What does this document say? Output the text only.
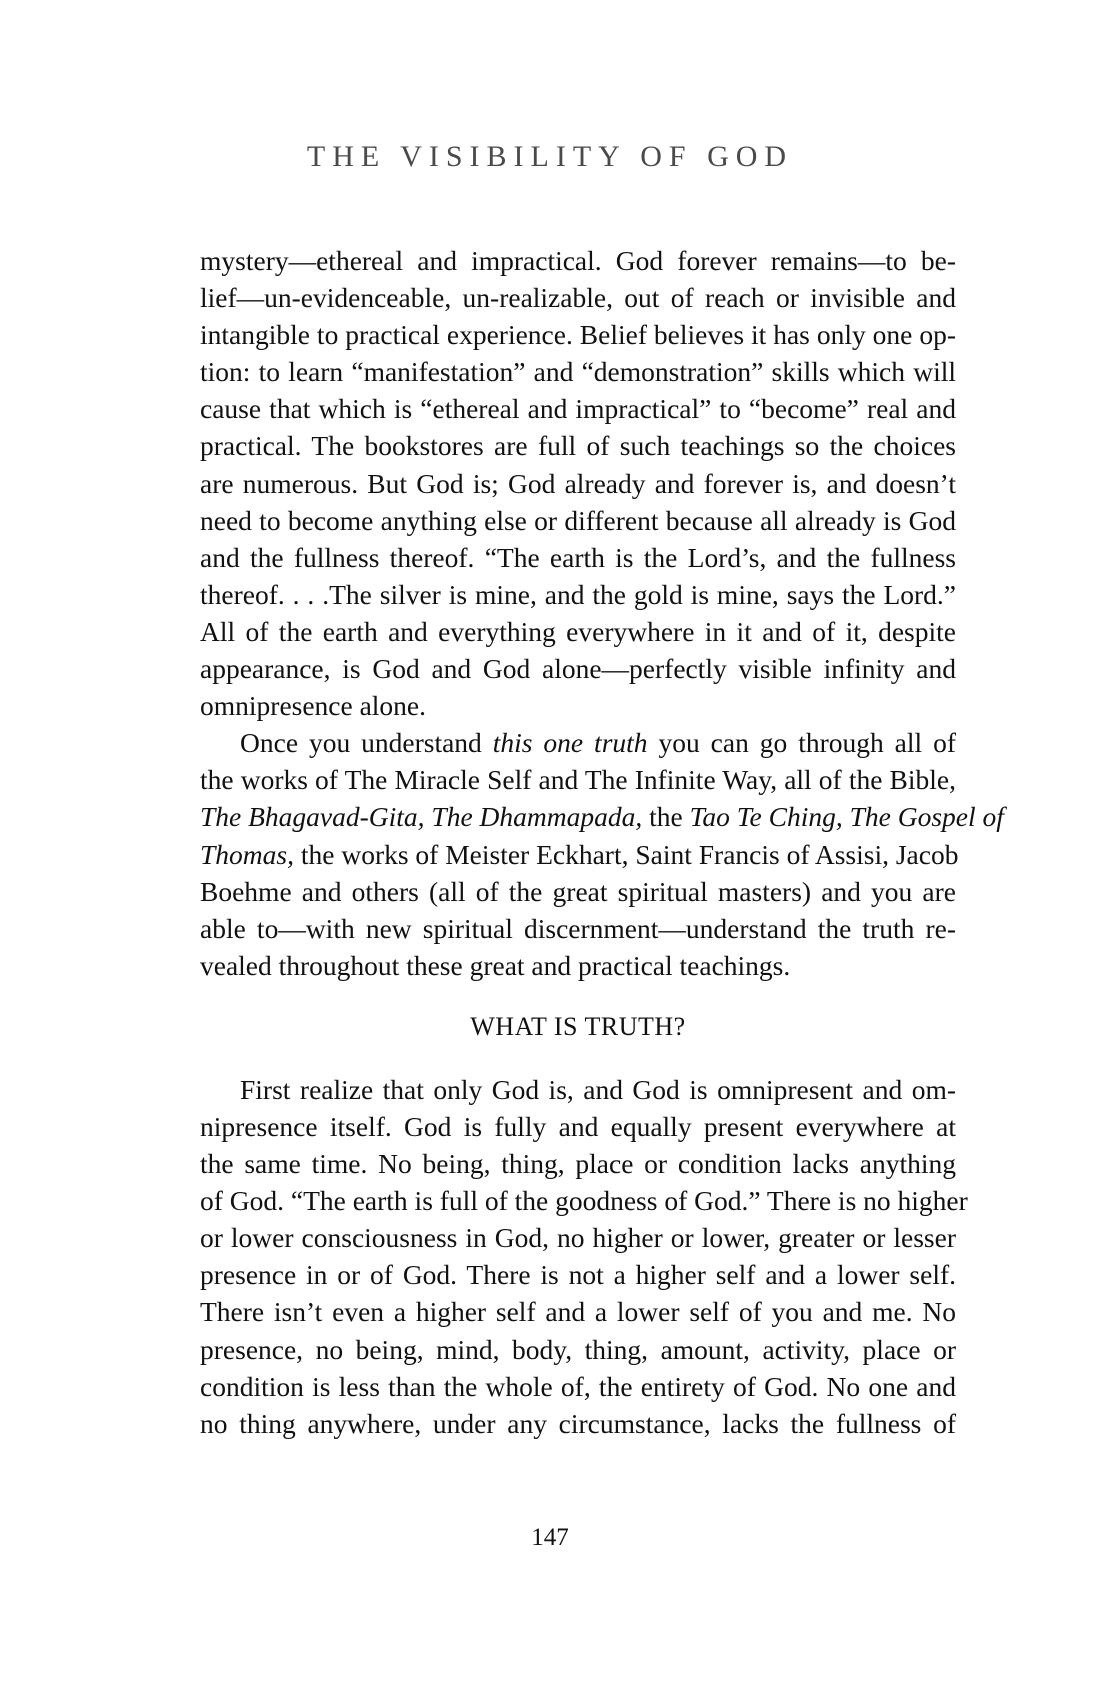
THE VISIBILITY OF GOD
mystery—ethereal and impractical. God forever remains—to be-
lief—un-evidenceable, un-realizable, out of reach or invisible and
intangible to practical experience. Belief believes it has only one op-
tion: to learn “manifestation” and “demonstration” skills which will
cause that which is “ethereal and impractical” to “become” real and
practical. The bookstores are full of such teachings so the choices
are numerous. But God is; God already and forever is, and doesn’t
need to become anything else or different because all already is God
and the fullness thereof. “The earth is the Lord’s, and the fullness
thereof. . . .The silver is mine, and the gold is mine, says the Lord.”
All of the earth and everything everywhere in it and of it, despite
appearance, is God and God alone—perfectly visible infinity and
omnipresence alone.
Once you understand this one truth you can go through all of
the works of The Miracle Self and The Infinite Way, all of the Bible,
The Bhagavad-Gita, The Dhammapada, the Tao Te Ching, The Gospel of
Thomas, the works of Meister Eckhart, Saint Francis of Assisi, Jacob
Boehme and others (all of the great spiritual masters) and you are
able to—with new spiritual discernment—understand the truth re-
vealed throughout these great and practical teachings.
WHAT IS TRUTH?
First realize that only God is, and God is omnipresent and om-
nipresence itself. God is fully and equally present everywhere at
the same time. No being, thing, place or condition lacks anything
of God. “The earth is full of the goodness of God.” There is no higher
or lower consciousness in God, no higher or lower, greater or lesser
presence in or of God. There is not a higher self and a lower self.
There isn’t even a higher self and a lower self of you and me. No
presence, no being, mind, body, thing, amount, activity, place or
condition is less than the whole of, the entirety of God. No one and
no thing anywhere, under any circumstance, lacks the fullness of
147
